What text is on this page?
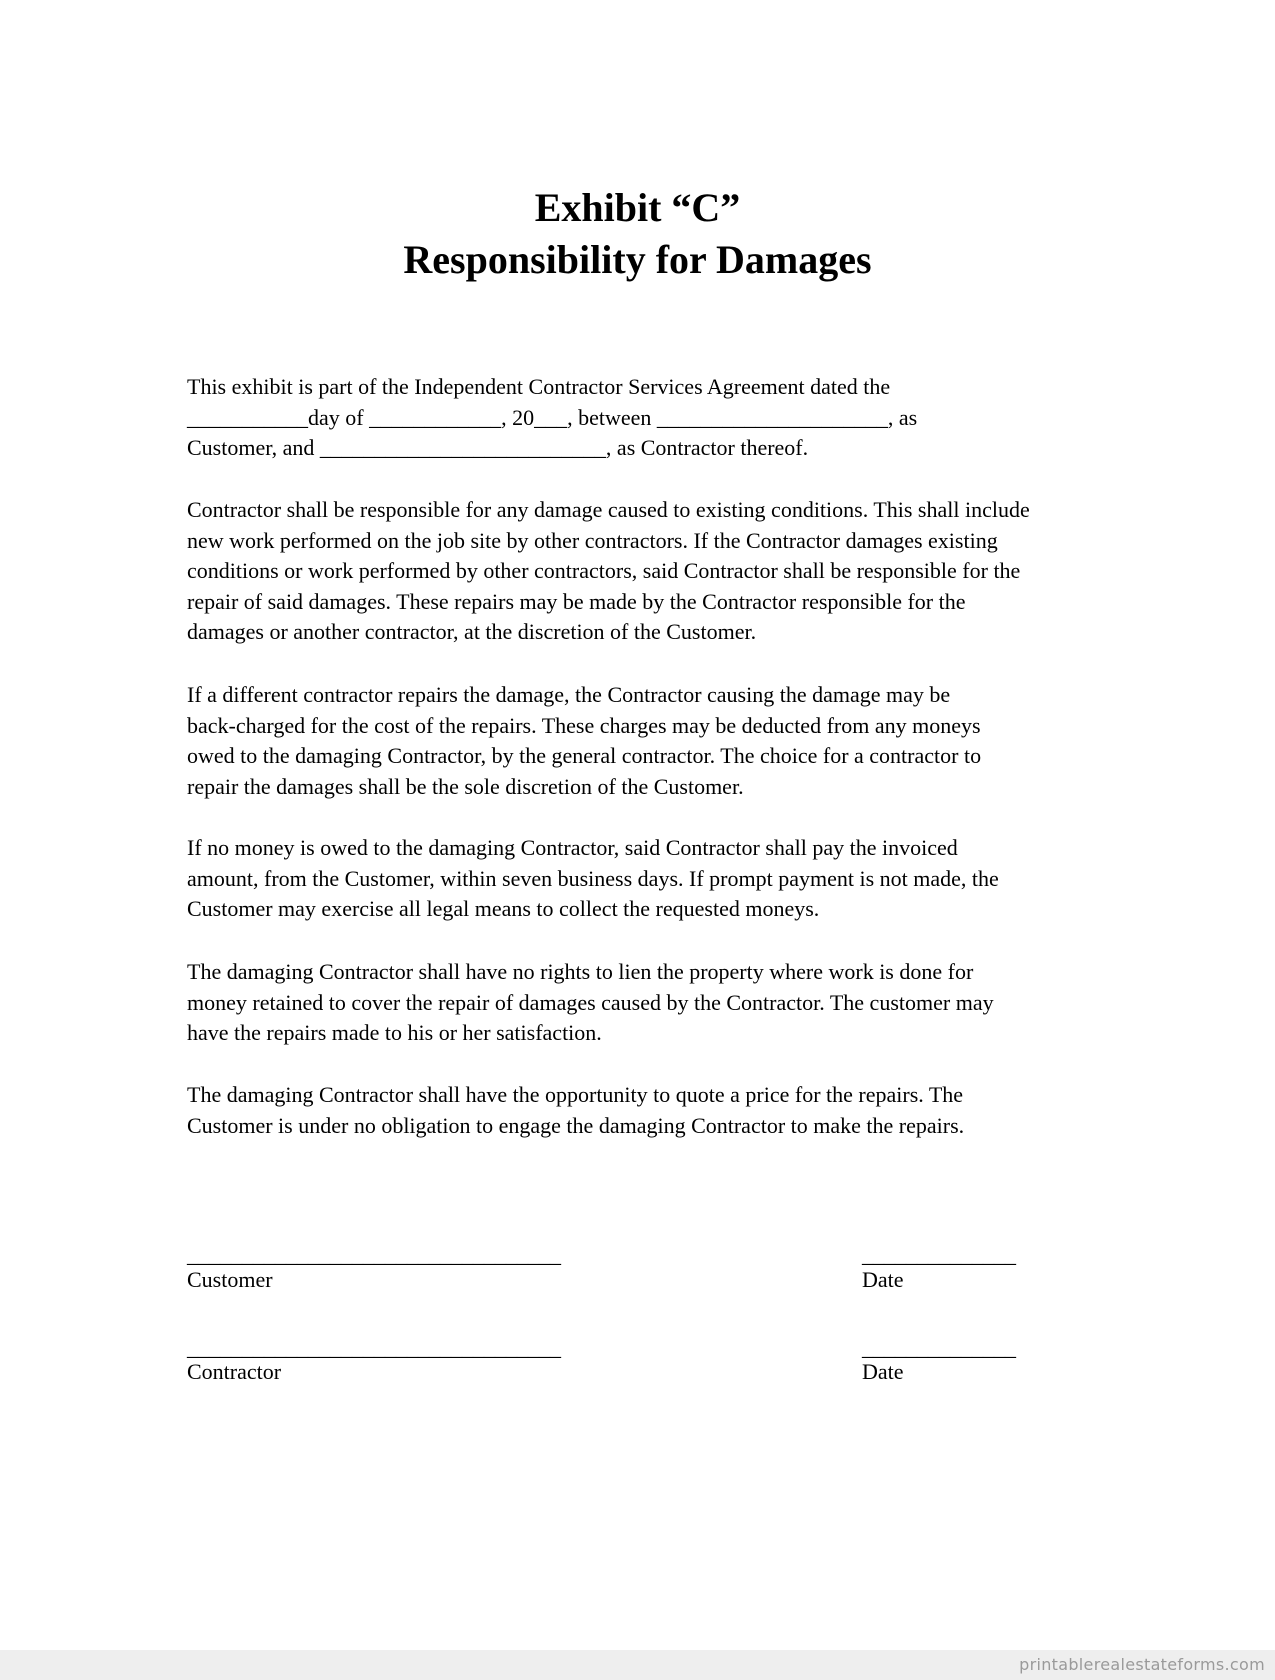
Exhibit “C”
Responsibility for Damages
This exhibit is part of the Independent Contractor Services Agreement dated the
___________day of ____________, 20___, between _____________________, as
Customer, and __________________________, as Contractor thereof.
Contractor shall be responsible for any damage caused to existing conditions. This shall include
new work performed on the job site by other contractors. If the Contractor damages existing
conditions or work performed by other contractors, said Contractor shall be responsible for the
repair of said damages. These repairs may be made by the Contractor responsible for the
damages or another contractor, at the discretion of the Customer.
If a different contractor repairs the damage, the Contractor causing the damage may be
back-charged for the cost of the repairs. These charges may be deducted from any moneys
owed to the damaging Contractor, by the general contractor. The choice for a contractor to
repair the damages shall be the sole discretion of the Customer.
If no money is owed to the damaging Contractor, said Contractor shall pay the invoiced
amount, from the Customer, within seven business days. If prompt payment is not made, the
Customer may exercise all legal means to collect the requested moneys.
The damaging Contractor shall have no rights to lien the property where work is done for
money retained to cover the repair of damages caused by the Contractor. The customer may
have the repairs made to his or her satisfaction.
The damaging Contractor shall have the opportunity to quote a price for the repairs. The
Customer is under no obligation to engage the damaging Contractor to make the repairs.
__________________________________
Customer
______________
Date
__________________________________
Contractor
______________
Date
printablerealestateforms.com
